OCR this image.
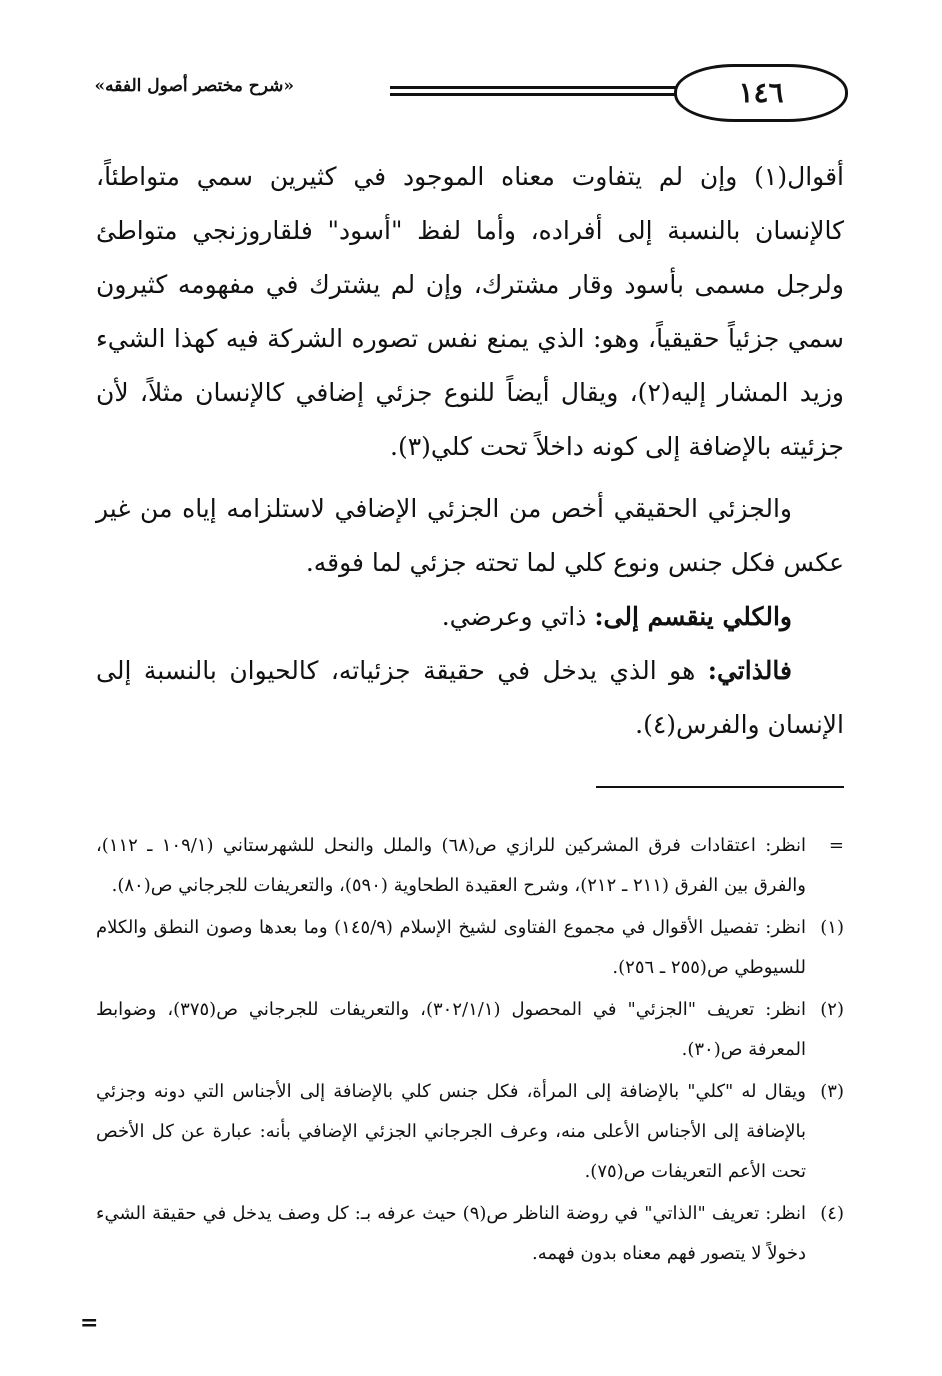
«شرح مختصر أصول الفقه»	١٤٦

أقوال(١) وإن لم يتفاوت معناه الموجود في كثيرين سمي متواطئاً، كالإنسان بالنسبة إلى أفراده، وأما لفظ "أسود" فلقاروزنجي متواطئ ولرجل مسمى بأسود وقار مشترك، وإن لم يشترك في مفهومه كثيرون سمي جزئياً حقيقياً، وهو: الذي يمنع نفس تصوره الشركة فيه كهذا الشيء وزيد المشار إليه(٢)، ويقال أيضاً للنوع جزئي إضافي كالإنسان مثلاً، لأن جزئيته بالإضافة إلى كونه داخلاً تحت كلي(٣).

والجزئي الحقيقي أخص من الجزئي الإضافي لاستلزامه إياه من غير عكس فكل جنس ونوع كلي لما تحته جزئي لما فوقه.

والكلي ينقسم إلى: ذاتي وعرضي.

فالذاتي: هو الذي يدخل في حقيقة جزئياته، كالحيوان بالنسبة إلى الإنسان والفرس(٤).

=
انظر: اعتقادات فرق المشركين للرازي ص(٦٨) والملل والنحل للشهرستاني (١٠٩/١ ـ ١١٢)، والفرق بين الفرق (٢١١ ـ ٢١٢)، وشرح العقيدة الطحاوية (٥٩٠)، والتعريفات للجرجاني ص(٨٠).

(١)
انظر: تفصيل الأقوال في مجموع الفتاوى لشيخ الإسلام (١٤٥/٩) وما بعدها وصون النطق والكلام للسيوطي ص(٢٥٥ ـ ٢٥٦).

(٢)
انظر: تعريف "الجزئي" في المحصول (٣٠٢/١/١)، والتعريفات للجرجاني ص(٣٧٥)، وضوابط المعرفة ص(٣٠).

(٣)
ويقال له "كلي" بالإضافة إلى المرأة، فكل جنس كلي بالإضافة إلى الأجناس التي دونه وجزئي بالإضافة إلى الأجناس الأعلى منه، وعرف الجرجاني الجزئي الإضافي بأنه: عبارة عن كل الأخص تحت الأعم التعريفات ص(٧٥).

(٤)
انظر: تعريف "الذاتي" في روضة الناظر ص(٩) حيث عرفه بـ: كل وصف يدخل في حقيقة الشيء دخولاً لا يتصور فهم معناه بدون فهمه.

=
